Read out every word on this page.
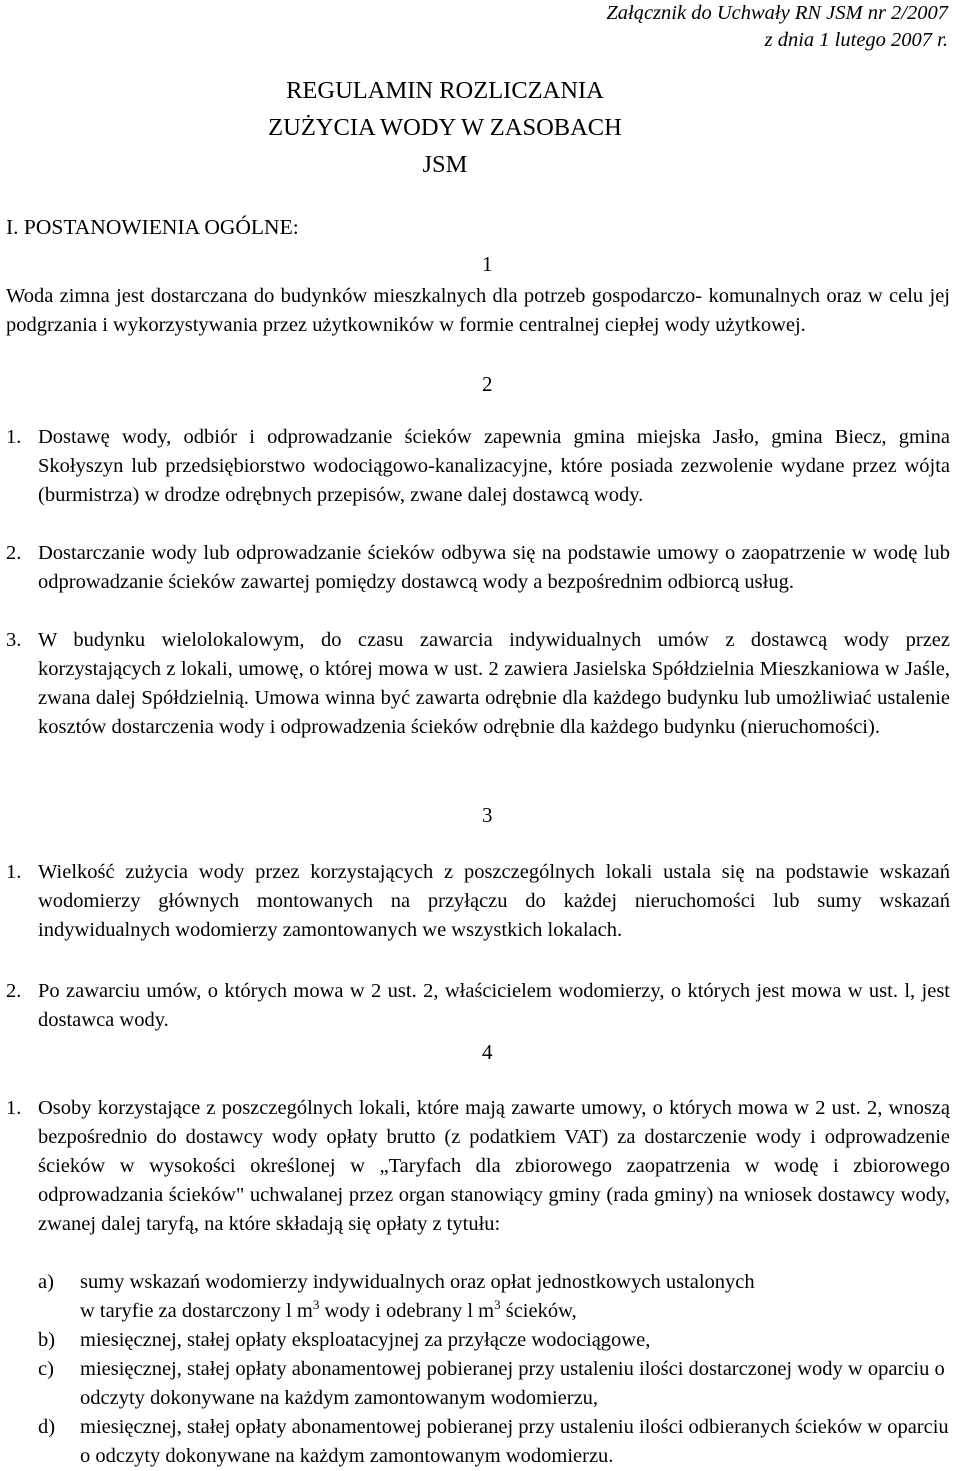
Załącznik do Uchwały RN JSM nr 2/2007
z dnia 1 lutego 2007 r.
REGULAMIN ROZLICZANIA
ZUŻYCIA WODY W ZASOBACH
JSM
I. POSTANOWIENIA OGÓLNE:
1
Woda zimna jest dostarczana do budynków mieszkalnych dla potrzeb gospodarczo- komunalnych oraz w celu jej podgrzania i wykorzystywania przez użytkowników w formie centralnej ciepłej wody użytkowej.
2
1. Dostawę wody, odbiór i odprowadzanie ścieków zapewnia gmina miejska Jasło, gmina Biecz, gmina Skołyszyn lub przedsiębiorstwo wodociągowo-kanalizacyjne, które posiada zezwolenie wydane przez wójta (burmistrza) w drodze odrębnych przepisów, zwane dalej dostawcą wody.
2. Dostarczanie wody lub odprowadzanie ścieków odbywa się na podstawie umowy o zaopatrzenie w wodę lub odprowadzanie ścieków zawartej pomiędzy dostawcą wody a bezpośrednim odbiorcą usług.
3. W budynku wielolokalowym, do czasu zawarcia indywidualnych umów z dostawcą wody przez korzystających z lokali, umowę, o której mowa w ust. 2 zawiera Jasielska Spółdzielnia Mieszkaniowa w Jaśle, zwana dalej Spółdzielnią. Umowa winna być zawarta odrębnie dla każdego budynku lub umożliwiać ustalenie kosztów dostarczenia wody i odprowadzenia ścieków odrębnie dla każdego budynku (nieruchomości).
3
1. Wielkość zużycia wody przez korzystających z poszczególnych lokali ustala się na podstawie wskazań wodomierzy głównych montowanych na przyłączu do każdej nieruchomości lub sumy wskazań indywidualnych wodomierzy zamontowanych we wszystkich lokalach.
2. Po zawarciu umów, o których mowa w 2 ust. 2, właścicielem wodomierzy, o których jest mowa w ust. l, jest dostawca wody.
4
1. Osoby korzystające z poszczególnych lokali, które mają zawarte umowy, o których mowa w 2 ust. 2, wnoszą bezpośrednio do dostawcy wody opłaty brutto (z podatkiem VAT) za dostarczenie wody i odprowadzenie ścieków w wysokości określonej w „Taryfach dla zbiorowego zaopatrzenia w wodę i zbiorowego odprowadzania ścieków" uchwalanej przez organ stanowiący gminy (rada gminy) na wniosek dostawcy wody, zwanej dalej taryfą, na które składają się opłaty z tytułu:
a) sumy wskazań wodomierzy indywidualnych oraz opłat jednostkowych ustalonych
w taryfie za dostarczony l $m^3$ wody i odebrany l $m^3$ ścieków,
b) miesięcznej, stałej opłaty eksploatacyjnej za przyłącze wodociągowe,
c) miesięcznej, stałej opłaty abonamentowej pobieranej przy ustaleniu ilości dostarczonej wody w oparciu o odczyty dokonywane na każdym zamontowanym wodomierzu,
d) miesięcznej, stałej opłaty abonamentowej pobieranej przy ustaleniu ilości odbieranych ścieków w oparciu o odczyty dokonywane na każdym zamontowanym wodomierzu.
